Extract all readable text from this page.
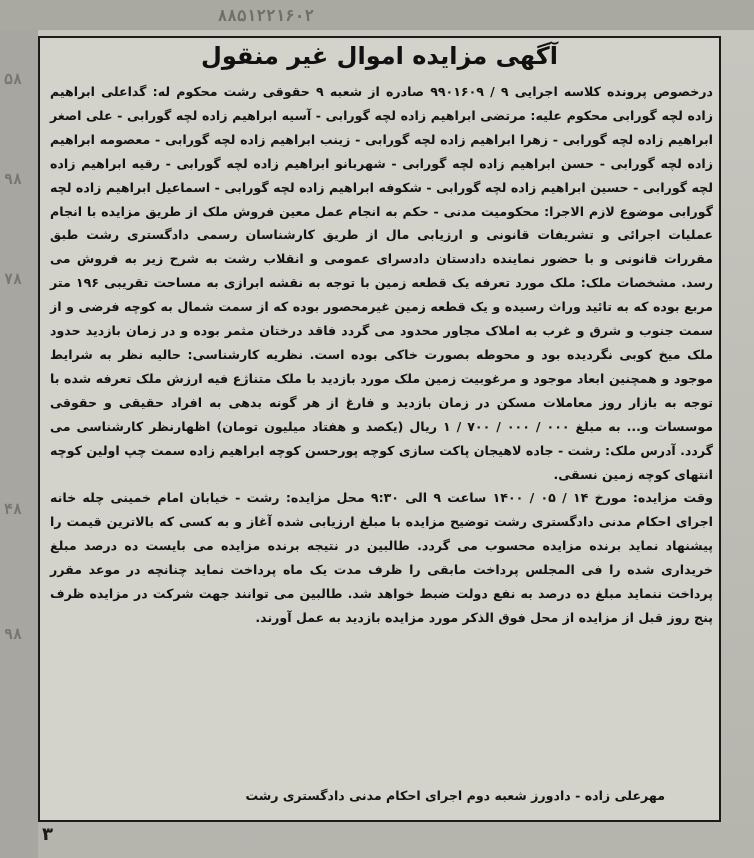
۸۸۵۱۲۲۱۶۰۲
۵۸
۹۸
۷۸
۴۸
۹۸
آگهی مزایده اموال غیر منقول

درخصوص پرونده کلاسه اجرایی ۹ / ۹۹۰۱۶۰۹ صادره از شعبه ۹ حقوقی رشت محکوم له: گداعلی ابراهیم زاده لچه گورابی محکوم علیه: مرتضی ابراهیم زاده لچه گورابی - آسیه ابراهیم زاده لچه گورابی - علی اصغر ابراهیم زاده لچه گورابی - زهرا ابراهیم زاده لچه گورابی - زینب ابراهیم زاده لچه گورابی - معصومه ابراهیم زاده لچه گورابی - حسن ابراهیم زاده لچه گورابی - شهربانو ابراهیم زاده لچه گورابی - رقیه ابراهیم زاده لچه گورابی - حسین ابراهیم زاده لچه گورابی - شکوفه ابراهیم زاده لچه گورابی - اسماعیل ابراهیم زاده لچه گورابی موضوع لازم الاجرا: محکومیت مدنی - حکم به انجام عمل معین فروش ملک از طریق مزایده با انجام عملیات اجرائی و تشریفات قانونی و ارزیابی مال از طریق کارشناسان رسمی دادگستری رشت طبق مقررات قانونی و با حضور نماینده دادستان دادسرای عمومی و انقلاب رشت به شرح زیر به فروش می رسد. مشخصات ملک: ملک مورد تعرفه یک قطعه زمین با توجه به نقشه ابرازی به مساحت تقریبی ۱۹۶ متر مربع بوده که به تائید وراث رسیده و یک قطعه زمین غیرمحصور بوده که از سمت شمال به کوچه فرضی و از سمت جنوب و شرق و غرب به املاک مجاور محدود می گردد فاقد درختان مثمر بوده و در زمان بازدید حدود ملک میخ کوبی نگردیده بود و محوطه بصورت خاکی بوده است. نظریه کارشناسی: حالیه نظر به شرایط موجود و همچنین ابعاد موجود و مرغوبیت زمین ملک مورد بازدید با ملک متناژع فیه ارزش ملک تعرفه شده با توجه به بازار روز معاملات مسکن در زمان بازدید و فارغ از هر گونه بدهی به افراد حقیقی و حقوقی موسسات و... به مبلغ ۰۰۰ / ۰۰۰ / ۷۰۰ / ۱ ریال (یکصد و هفتاد میلیون تومان) اظهارنظر کارشناسی می گردد. آدرس ملک: رشت - جاده لاهیجان پاکت سازی کوچه پورحسن کوچه ابراهیم زاده سمت چپ اولین کوچه انتهای کوچه زمین نسقی.

وقت مزایده: مورخ ۱۴ / ۰۵ / ۱۴۰۰ ساعت ۹ الی ۹:۳۰ محل مزایده: رشت - خیابان امام خمینی چله خانه اجرای احکام مدنی دادگستری رشت توضیح مزایده با مبلغ ارزیابی شده آغاز و به کسی که بالاترین قیمت را پیشنهاد نماید برنده مزایده محسوب می گردد. طالبین در نتیجه برنده مزایده می بایست ده درصد مبلغ خریداری شده را فی المجلس پرداخت مابقی را ظرف مدت یک ماه پرداخت نماید چنانچه در موعد مقرر پرداخت ننماید مبلغ ده درصد به نفع دولت ضبط خواهد شد. طالبین می توانند جهت شرکت در مزایده ظرف پنج روز قبل از مزایده از محل فوق الذکر مورد مزایده بازدید به عمل آورند.

مهرعلی زاده - دادورز شعبه دوم اجرای احکام مدنی دادگستری رشت
۳
